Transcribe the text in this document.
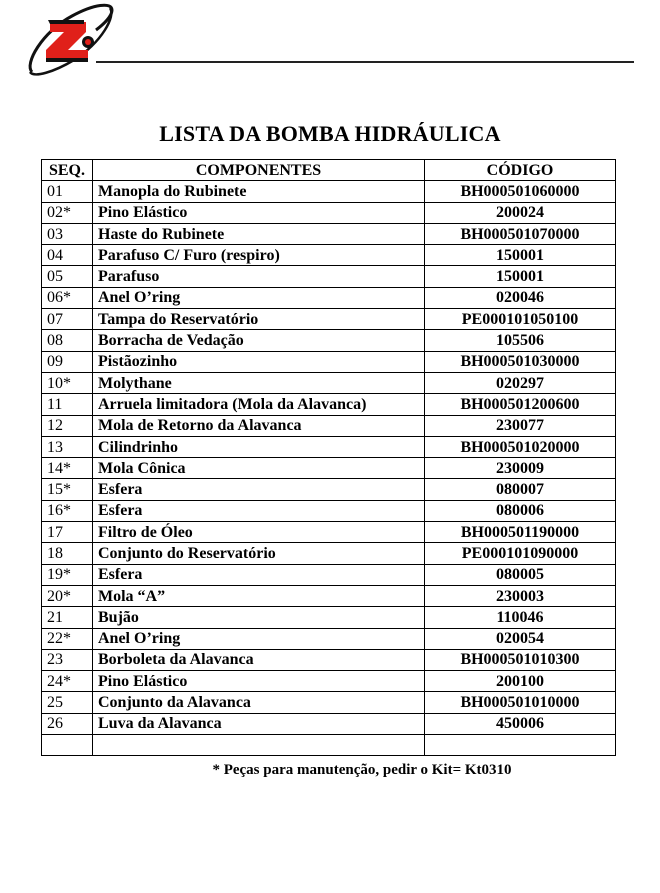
LISTA DA BOMBA HIDRÁULICA
SEQ.	COMPONENTES	CÓDIGO
01	Manopla do Rubinete	BH000501060000
02*	Pino Elástico	200024
03	Haste do Rubinete	BH000501070000
04	Parafuso C/ Furo (respiro)	150001
05	Parafuso	150001
06*	Anel O’ring	020046
07	Tampa do Reservatório	PE000101050100
08	Borracha de Vedação	105506
09	Pistãozinho	BH000501030000
10*	Molythane	020297
11	Arruela limitadora (Mola da Alavanca)	BH000501200600
12	Mola de Retorno da Alavanca	230077
13	Cilindrinho	BH000501020000
14*	Mola Cônica	230009
15*	Esfera	080007
16*	Esfera	080006
17	Filtro de Óleo	BH000501190000
18	Conjunto do Reservatório	PE000101090000
19*	Esfera	080005
20*	Mola “A”	230003
21	Bujão	110046
22*	Anel O’ring	020054
23	Borboleta da Alavanca	BH000501010300
24*	Pino Elástico	200100
25	Conjunto da Alavanca	BH000501010000
26	Luva da Alavanca	450006

* Peças para manutenção, pedir o Kit= Kt0310
